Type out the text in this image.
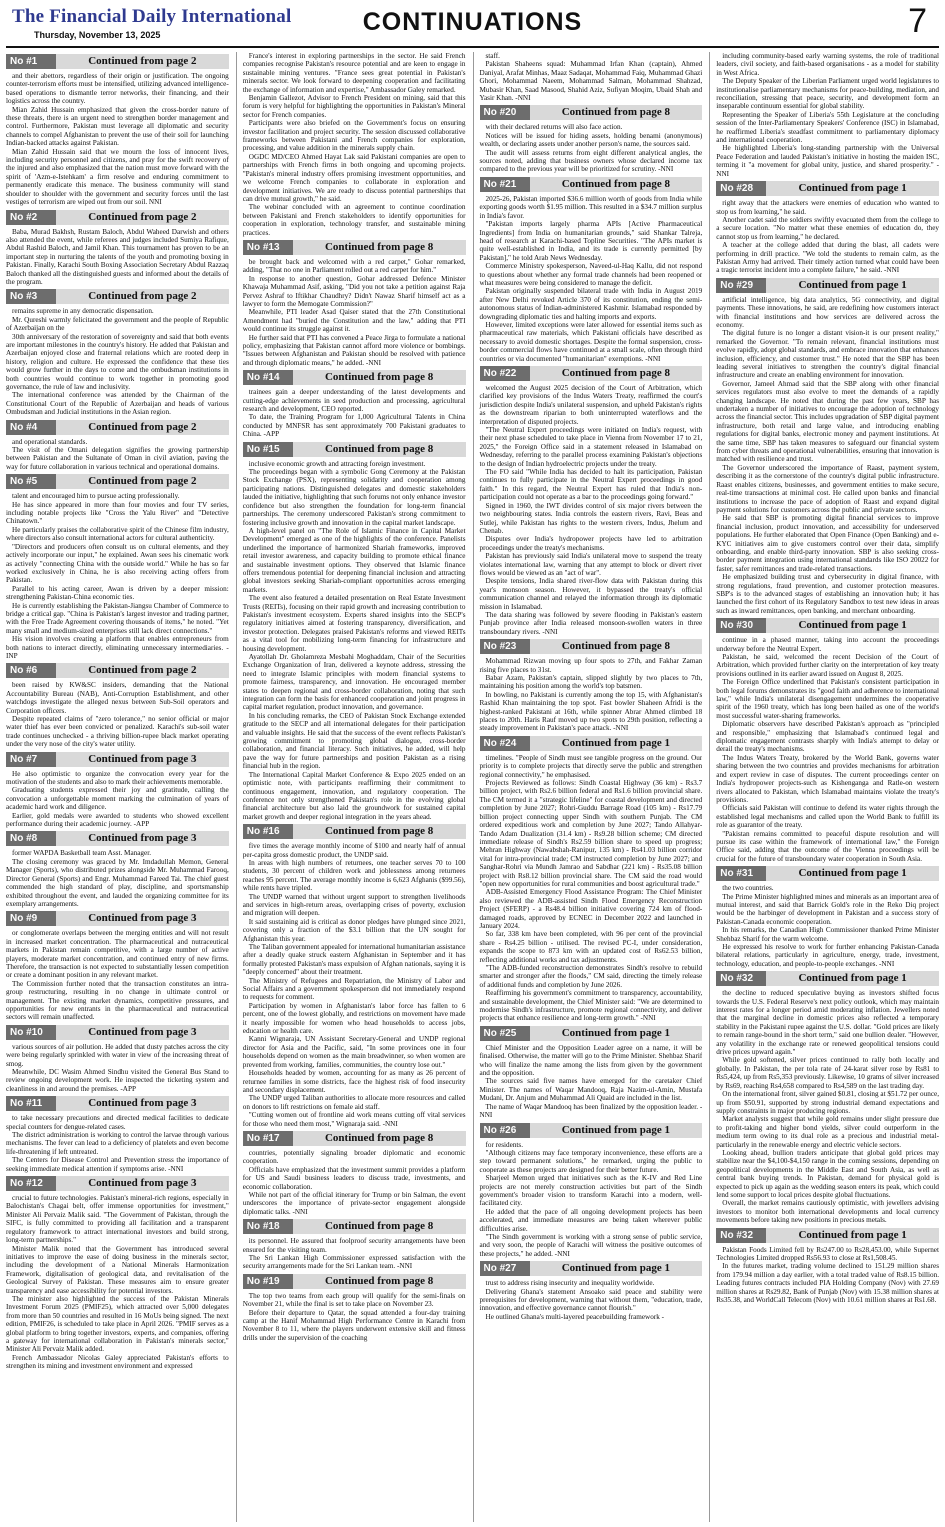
The Financial Daily International
Thursday, November 13, 2025	CONTINUATIONS	7
No #1	Continued from page 2

and their abettors, regardless of their origin or justification. The ongoing counter-terrorism efforts must be intensified, utilizing advanced intelligence-based operations to dismantle terror networks, their financing, and their logistics across the country.

Mian Zahid Hussain emphasized that given the cross-border nature of these threats, there is an urgent need to strengthen border management and control. Furthermore, Pakistan must leverage all diplomatic and security channels to compel Afghanistan to prevent the use of their soil for launching Indian-backed attacks against Pakistan.

Mian Zahid Hussain said that we mourn the loss of innocent lives, including security personnel and citizens, and pray for the swift recovery of the injured and also emphasized that the nation must move forward with the spirit of 'Azm-e-Istehkam' a firm resolve and enduring commitment to permanently eradicate this menace. The business community will stand shoulder to shoulder with the government and security forces until the last vestiges of terrorism are wiped out from our soil. NNI

No #2	Continued from page 2

Baba, Murad Bakhsh, Rustam Baloch, Abdul Waheed Darwish and others also attended the event, while referees and judges included Sumiya Rafique, Abdul Rashid Baloch, and Jamil Khan. This tournament has proven to be an important step in nurturing the talents of the youth and promoting boxing in Pakistan. Finally, Karachi South Boxing Association Secretary Abdul Razzaq Baloch thanked all the distinguished guests and informed about the details of the program.

No #3	Continued from page 2

remains supreme in any democratic dispensation.

Mr. Qureshi warmly felicitated the government and the people of Republic of Azerbaijan on the

30th anniversary of the restoration of sovereignty and said that both events are important milestones in the country's history. He added that Pakistan and Azerbaijan enjoyed close and fraternal relations which are rooted deep in history, religion and culture. He expressed the confidence that these ties would grow further in the days to come and the ombudsman institutions in both countries would continue to work together in promoting good governance, the rule of law and inclusivity.

The international conference was attended by the Chairman of the Constitutional Court of the Republic of Azerbaijan and heads of various Ombudsman and Judicial institutions in the Asian region.

No #4	Continued from page 2

and operational standards.

The visit of the Omani delegation signifies the growing partnership between Pakistan and the Sultanate of Oman in civil aviation, paving the way for future collaboration in various technical and operational domains.

No #5	Continued from page 2

talent and encouraged him to pursue acting professionally.

He has since appeared in more than four movies and four TV series, including notable projects like "Cross the Yalu River" and "Detective Chinatown."

He particularly praises the collaborative spirit of the Chinese film industry, where directors also consult international actors for cultural authenticity.

"Directors and producers often consult us on cultural elements, and they actively incorporate our input," he explained. Awan sees his cinematic work as actively "connecting China with the outside world." While he has so far worked exclusively in China, he is also receiving acting offers from Pakistan.

Parallel to his acting career, Awan is driven by a deeper mission: strengthening Pakistan-China economic ties.

He is currently establishing the Pakistan-Jiangsu Chamber of Commerce to bridge a critical gap. "China is Pakistan's largest investor and trading partner, with the Free Trade Agreement covering thousands of items," he noted. "Yet many small and medium-sized enterprises still lack direct connections."

His vision involves creating a platform that enables entrepreneurs from both nations to interact directly, eliminating unnecessary intermediaries. -INP

No #6	Continued from page 2

been raised by KW&SC insiders, demanding that the National Accountability Bureau (NAB), Anti-Corruption Establishment, and other watchdogs investigate the alleged nexus between Sub-Soil operators and Corporation officers.

Despite repeated claims of "zero tolerance," no senior official or major water thief has ever been convicted or penalized. Karachi's sub-soil water trade continues unchecked - a thriving billion-rupee black market operating under the very nose of the city's water utility.

No #7	Continued from page 3

He also optimistic to organize the convocation every year for the motivation of the students and also to mark their achievements memorable.

Graduating students expressed their joy and gratitude, calling the convocation a unforgettable moment marking the culmination of years of academic hard work and diligence.

Earlier, gold medals were awarded to students who showed excellent performance during their academic journey. -APP

No #8	Continued from page 3

former WAPDA Basketball team Asst. Manager.

The closing ceremony was graced by Mr. Imdadullah Memon, General Manager (Sports), who distributed prizes alongside Mr. Muhammad Farooq, Director General (Sports) and Engr. Muhammad Fareed Tai. The chief guest commended the high standard of play, discipline, and sportsmanship exhibited throughout the event, and lauded the organizing committee for its exemplary arrangements.

No #9	Continued from page 3

or conglomerate overlaps between the merging entities and will not result in increased market concentration. The pharmaceutical and nutraceutical markets in Pakistan remain competitive, with a large number of active players, moderate market concentration, and continued entry of new firms. Therefore, the transaction is not expected to substantially lessen competition or create a dominant position in any relevant market.

The Commission further noted that the transaction constitutes an intra-group restructuring, resulting in no change in ultimate control or management. The existing market dynamics, competitive pressures, and opportunities for new entrants in the pharmaceutical and nutraceutical sectors will remain unaffected.

No #10	Continued from page 3

various sources of air pollution. He added that dusty patches across the city were being regularly sprinkled with water in view of the increasing threat of smog.

Meanwhile, DC Wasim Ahmed Sindhu visited the General Bus Stand to review ongoing development work. He inspected the ticketing system and cleanliness in and around the premises. -APP

No #11	Continued from page 3

to take necessary precautions and directed medical facilities to dedicate special counters for dengue-related cases.

The district administration is working to control the larvae through various mechanisms. The fever can lead to a deficiency of platelets and even become life-threatening if left untreated.

The Centers for Disease Control and Prevention stress the importance of seeking immediate medical attention if symptoms arise. -NNI

No #12	Continued from page 3

crucial to future technologies. Pakistan's mineral-rich regions, especially in Balochistan's Chagai belt, offer immense opportunities for investment," Minister Ali Pervaiz Malik said. "The Government of Pakistan, through the SIFC, is fully committed to providing all facilitation and a transparent regulatory framework to attract international investors and build strong, long-term partnerships."

Minister Malik noted that the Government has introduced several initiatives to improve the ease of doing business in the minerals sector, including the development of a National Minerals Harmonization Framework, digitalisation of geological data, and revitalisation of the Geological Survey of Pakistan. These measures aim to ensure greater transparency and ease accessibility for potential investors.

The minister also highlighted the success of the Pakistan Minerals Investment Forum 2025 (PMIF25), which attracted over 5,000 delegates from more than 50 countries and resulted in 16 MoUs being signed. The next edition, PMIF26, is scheduled to take place in April 2026. "PMIF serves as a global platform to bring together investors, experts, and companies, offering a gateway for international collaboration in Pakistan's minerals sector," Minister Ali Pervaiz Malik added.

French Ambassador Nicolas Galey appreciated Pakistan's efforts to strengthen its mining and investment environment and expressed

France's interest in exploring partnerships in the sector. He said French companies recognise Pakistan's resource potential and are keen to engage in sustainable mining ventures. "France sees great potential in Pakistan's minerals sector. We look forward to deepening cooperation and facilitating the exchange of information and expertise," Ambassador Galey remarked.

Benjamin Gallezot, Advisor to French President on mining, said that this forum is very helpful for highlighting the opportunities in Pakistan's Mineral sector for French companies.

Participants were also briefed on the Government's focus on ensuring investor facilitation and project security. The session discussed collaborative frameworks between Pakistani and French companies for exploration, processing, and value addition in the minerals supply chain.

OGDC MD/CEO Ahmed Hayat Lak said Pakistani companies are open to partnerships with French firms in both ongoing and upcoming projects. "Pakistan's mineral industry offers promising investment opportunities, and we welcome French companies to collaborate in exploration and development initiatives. We are ready to discuss potential partnerships that can drive mutual growth," he said.

The webinar concluded with an agreement to continue coordination between Pakistani and French stakeholders to identify opportunities for cooperation in exploration, technology transfer, and sustainable mining practices.

No #13	Continued from page 8

be brought back and welcomed with a red carpet," Gohar remarked, adding, "That no one in Parliament rolled out a red carpet for him."

In response to another question, Gohar addressed Defence Minister Khawaja Muhammad Asif, asking, "Did you not take a petition against Raja Pervez Ashraf to Iftikhar Chaudhry? Didn't Nawaz Sharif himself act as a lawyer to form the Memogate Commission?"

Meanwhile, PTI leader Asad Qaiser stated that the 27th Constitutional Amendment had "buried the Constitution and the law," adding that PTI would continue its struggle against it.

He further said that PTI has convened a Peace Jirga to formulate a national policy, emphasizing that Pakistan cannot afford more violence or bombings. "Issues between Afghanistan and Pakistan should be resolved with patience and through diplomatic means," he added. -NNI

No #14	Continued from page 8

trainees gain a deeper understanding of the latest developments and cutting-edge achievements in seed production and processing, agricultural research and development, CEO reported.

To date, the Training Program for 1,000 Agricultural Talents in China conducted by MNFSR has sent approximately 700 Pakistani graduates to China. -APP

No #15	Continued from page 8

inclusive economic growth and attracting foreign investment.

The proceedings began with a symbolic Gong Ceremony at the Pakistan Stock Exchange (PSX), representing solidarity and cooperation among participating nations. Distinguished delegates and domestic stakeholders lauded the initiative, highlighting that such forums not only enhance investor confidence but also strengthen the foundation for long-term financial partnerships. The ceremony underscored Pakistan's strong commitment to fostering inclusive growth and innovation in the capital market landscape.

A high-level panel on "The Role of Islamic Finance in Capital Market Development" emerged as one of the highlights of the conference. Panelists underlined the importance of harmonized Shariah frameworks, improved retail investor awareness, and capacity building to promote ethical finance and sustainable investment options. They observed that Islamic finance offers tremendous potential for deepening financial inclusion and attracting global investors seeking Shariah-compliant opportunities across emerging markets.

The event also featured a detailed presentation on Real Estate Investment Trusts (REITs), focusing on their rapid growth and increasing contribution to Pakistan's investment ecosystem. Experts shared insights into the SECP's regulatory initiatives aimed at fostering transparency, diversification, and investor protection. Delegates praised Pakistan's reforms and viewed REITs as a vital tool for mobilizing long-term financing for infrastructure and housing development.

Ayatollah Dr. Gholamreza Mesbahi Moghaddam, Chair of the Securities Exchange Organization of Iran, delivered a keynote address, stressing the need to integrate Islamic principles with modern financial systems to promote fairness, transparency, and innovation. He encouraged member states to deepen regional and cross-border collaboration, noting that such integration can form the basis for enhanced cooperation and joint progress in capital market regulation, product innovation, and governance.

In his concluding remarks, the CEO of Pakistan Stock Exchange extended gratitude to the SECP and all international delegates for their participation and valuable insights. He said that the success of the event reflects Pakistan's growing commitment to promoting global dialogue, cross-border collaboration, and financial literacy. Such initiatives, he added, will help pave the way for future partnerships and position Pakistan as a rising financial hub in the region.

The International Capital Market Conference & Expo 2025 ended on an optimistic note, with participants reaffirming their commitment to continuous engagement, innovation, and regulatory cooperation. The conference not only strengthened Pakistan's role in the evolving global financial architecture but also laid the groundwork for sustained capital market growth and deeper regional integration in the years ahead.

No #16	Continued from page 8

five times the average monthly income of $100 and nearly half of annual per-capita gross domestic product, the UNDP said.

In areas with high numbers of returnees, one teacher serves 70 to 100 students, 30 percent of children work and joblessness among returnees reaches 95 percent. The average monthly income is 6,623 Afghanis ($99.56), while rents have tripled.

The UNDP warned that without urgent support to strengthen livelihoods and services in high-return areas, overlapping crises of poverty, exclusion and migration will deepen.

It said sustaining aid is critical as donor pledges have plunged since 2021, covering only a fraction of the $3.1 billion that the UN sought for Afghanistan this year.

The Taliban government appealed for international humanitarian assistance after a deadly quake struck eastern Afghanistan in September and it has formally protested Pakistan's mass expulsion of Afghan nationals, saying it is "deeply concerned" about their treatment.

The Ministry of Refugees and Repatriation, the Ministry of Labor and Social Affairs and a government spokesperson did not immediately respond to requests for comment.

Participation by women in Afghanistan's labor force has fallen to 6 percent, one of the lowest globally, and restrictions on movement have made it nearly impossible for women who head households to access jobs, education or health care.

Kanni Wignaraja, UN Assistant Secretary-General and UNDP regional director for Asia and the Pacific, said, "In some provinces one in four households depend on women as the main breadwinner, so when women are prevented from working, families, communities, the country lose out."

Households headed by women, accounting for as many as 26 percent of returnee families in some districts, face the highest risk of food insecurity and secondary displacement.

The UNDP urged Taliban authorities to allocate more resources and called on donors to lift restrictions on female aid staff.

"Cutting women out of frontline aid work means cutting off vital services for those who need them most," Wignaraja said. -NNI

No #17	Continued from page 8

countries, potentially signaling broader diplomatic and economic cooperation.

Officials have emphasized that the investment summit provides a platform for US and Saudi business leaders to discuss trade, investments, and economic collaboration.

While not part of the official itinerary for Trump or bin Salman, the event underscores the importance of private-sector engagement alongside diplomatic talks. -NNI

No #18	Continued from page 8

its personnel. He assured that foolproof security arrangements have been ensured for the visiting team.

The Sri Lankan High Commissioner expressed satisfaction with the security arrangements made for the Sri Lankan team. -NNI

No #19	Continued from page 8

The top two teams from each group will qualify for the semi-finals on November 21, while the final is set to take place on November 23.

Before their departure to Qatar, the squad attended a four-day training camp at the Hanif Mohammad High Performance Centre in Karachi from November 8 to 11, where the players underwent extensive skill and fitness drills under the supervision of the coaching

staff.

Pakistan Shaheens squad: Muhammad Irfan Khan (captain), Ahmed Daniyal, Arafat Minhas, Maaz Sadaqat, Mohammad Faiq, Muhammad Ghazi Ghori, Mohammad Naeem, Mohammad Salman, Mohammad Shahzad, Mubasir Khan, Saad Masood, Shahid Aziz, Sufiyan Moqim, Ubaid Shah and Yasir Khan. -NNI

No #20	Continued from page 8

with their declared returns will also face action.

Notices will be issued for hiding assets, holding benami (anonymous) wealth, or declaring assets under another person's name, the sources said.

The audit will assess returns from eight different analytical angles, the sources noted, adding that business owners whose declared income tax compared to the previous year will be prioritized for scrutiny. -NNI

No #21	Continued from page 8

2025-26, Pakistan imported $36.6 million worth of goods from India while exporting goods worth $1.95 million. This resulted in a $34.7 million surplus in India's favor.

"Pakistan imports largely pharma APIs [Active Pharmaceutical Ingredients] from India on humanitarian grounds," said Shankar Talreja, head of research at Karachi-based Topline Securities. "The APIs market is quite well-established in India, and its trade is currently permitted [by Pakistan]," he told Arab News Wednesday.

Commerce Ministry spokesperson, Naveed-ul-Haq Kallu, did not respond to questions about whether any formal trade channels had been reopened or what measures were being considered to manage the deficit.

Pakistan originally suspended bilateral trade with India in August 2019 after New Delhi revoked Article 370 of its constitution, ending the semi-autonomous status of Indian-administered Kashmir. Islamabad responded by downgrading diplomatic ties and halting imports and exports.

However, limited exceptions were later allowed for essential items such as pharmaceutical raw materials, which Pakistani officials have described as necessary to avoid domestic shortages. Despite the formal suspension, cross-border commercial flows have continued at a small scale, often through third countries or via documented "humanitarian" exemptions. -NNI

No #22	Continued from page 8

welcomed the August 2025 decision of the Court of Arbitration, which clarified key provisions of the Indus Waters Treaty, reaffirmed the court's jurisdiction despite India's unilateral suspension, and upheld Pakistan's rights as the downstream riparian to both uninterrupted waterflows and the interpretation of disputed projects.

"The Neutral Expert proceedings were initiated on India's request, with their next phase scheduled to take place in Vienna from November 17 to 21, 2025," the Foreign Office said in a statement released in Islamabad on Wednesday, referring to the parallel process examining Pakistan's objections to the design of Indian hydroelectric projects under the treaty.

The FO said "While India has decided to halt its participation, Pakistan continues to fully participate in the Neutral Expert proceedings in good faith." In this regard, the Neutral Expert has ruled that India's non-participation could not operate as a bar to the proceedings going forward."

Signed in 1960, the IWT divides control of six major rivers between the two neighbouring states. India controls the eastern rivers, Ravi, Beas and Sutlej, while Pakistan has rights to the western rivers, Indus, Jhelum and Chenab.

Disputes over India's hydropower projects have led to arbitration proceedings under the treaty's mechanisms.

Pakistan has previously said India's unilateral move to suspend the treaty violates international law, warning that any attempt to block or divert river flows would be viewed as an "act of war".

Despite tensions, India shared river-flow data with Pakistan during this year's monsoon season. However, it bypassed the treaty's official communication channel and relayed the information through its diplomatic mission in Islamabad.

The data sharing was followed by severe flooding in Pakistan's eastern Punjab province after India released monsoon-swollen waters in three transboundary rivers. -NNI

No #23	Continued from page 8

Mohammad Rizwan moving up four spots to 27th, and Fakhar Zaman rising five places to 31st.

Babar Azam, Pakistan's captain, slipped slightly by two places to 7th, maintaining his position among the world's top batsmen.

In bowling, no Pakistani is currently among the top 15, with Afghanistan's Rashid Khan maintaining the top spot. Fast bowler Shaheen Afridi is the highest-ranked Pakistani at 16th, while spinner Abrar Ahmed climbed 18 places to 20th. Haris Rauf moved up two spots to 29th position, reflecting a steady improvement in Pakistan's pace attack. -NNI

No #24	Continued from page 1

timelines. "People of Sindh must see tangible progress on the ground. Our priority is to complete projects that directly serve the public and strengthen regional connectivity," he emphasised.

Projects Reviewed as follows: Sindh Coastal Highway (36 km) - Rs3.7 billion project, with Rs2.6 billion federal and Rs1.6 billion provincial share. The CM termed it a "strategic lifeline" for coastal development and directed completion by June 2027; Rohri-Guddu Barrage Road (105 km) - Rs17.79 billion project connecting upper Sindh with southern Punjab. The CM ordered expeditious work and completion by June 2027; Tando Allahyar-Tando Adam Dualization (31.4 km) - Rs9.28 billion scheme; CM directed immediate release of Sindh's Rs2.59 billion share to speed up progress; Mehran Highway (Nawabshah-Ranipur, 135 km) - Rs41.03 billion corridor vital for intra-provincial trade; CM instructed completion by June 2027; and Sanghar-Rohri via Mundh Jamrao and Sabdhar (221 km) - Rs35.08 billion project with Rs8.12 billion provincial share. The CM said the road would "open new opportunities for rural communities and boost agricultural trade."

ADB-Assisted Emergency Flood Assistance Program: The Chief Minister also reviewed the ADB-assisted Sindh Flood Emergency Reconstruction Project (SFERP) - a Rs48.4 billion initiative covering 724 km of flood-damaged roads, approved by ECNEC in December 2022 and launched in January 2024.

So far, 338 km have been completed, with 96 per cent of the provincial share - Rs4.25 billion - utilised. The revised PC-I, under consideration, expands the scope to 873 km with an updated cost of Rs62.53 billion, reflecting additional works and tax adjustments.

"The ADB-funded reconstruction demonstrates Sindh's resolve to rebuild smarter and stronger after the floods," CM said, directing the timely release of additional funds and completion by June 2026.

Reaffirming his government's commitment to transparency, accountability, and sustainable development, the Chief Minister said: "We are determined to modernise Sindh's infrastructure, promote regional connectivity, and deliver projects that enhance resilience and long-term growth." -NNI

No #25	Continued from page 1

Chief Minister and the Opposition Leader agree on a name, it will be finalised. Otherwise, the matter will go to the Prime Minister. Shehbaz Sharif who will finalize the name among the lists from given by the government and the opposition.

The sources said five names have emerged for the caretaker Chief Minister. The names of Waqar Mandooq, Raja Nazim-ul-Amin, Mustafa Mudani, Dr. Anjum and Muhammad Ali Quaid are included in the list.

The name of Waqar Mandooq has been finalized by the opposition leader. -NNI

No #26	Continued from page 1

for residents.

"Although citizens may face temporary inconvenience, these efforts are a step toward permanent solutions," he remarked, urging the public to cooperate as these projects are designed for their better future.

Sharjeel Memon urged that initiatives such as the K-IV and Red Line projects are not merely construction activities but part of the Sindh government's broader vision to transform Karachi into a modern, well-facilitated city.

He added that the pace of all ongoing development projects has been accelerated, and immediate measures are being taken wherever public difficulties arise.

"The Sindh government is working with a strong sense of public service, and very soon, the people of Karachi will witness the positive outcomes of these projects," he added. -NNI

No #27	Continued from page 1

trust to address rising insecurity and inequality worldwide.

Delivering Ghana's statement Ansoako said peace and stability were prerequisites for development, warning that without them, "education, trade, innovation, and effective governance cannot flourish."

He outlined Ghana's multi-layered peacebuilding framework -

including community-based early warning systems, the role of traditional leaders, civil society, and faith-based organisations - as a model for stability in West Africa.

The Deputy Speaker of the Liberian Parliament urged world legislatures to institutionalise parliamentary mechanisms for peace-building, mediation, and reconciliation, stressing that peace, security, and development form an inseparable continuum essential for global stability.

Representing the Speaker of Liberia's 55th Legislature at the concluding session of the Inter-Parliamentary Speakers' Conference (ISC) in Islamabad, he reaffirmed Liberia's steadfast commitment to parliamentary diplomacy and international cooperation.

He highlighted Liberia's long-standing partnership with the Universal Peace Federation and lauded Pakistan's initiative in hosting the maiden ISC, terming it "a movement for global unity, justice, and shared prosperity." -NNI

No #28	Continued from page 1

right away that the attackers were enemies of education who wanted to stop us from learning," he said.

Another cadet said the soldiers swiftly evacuated them from the college to a secure location. "No matter what these enemies of education do, they cannot stop us from learning," he declared.

A teacher at the college added that during the blast, all cadets were performing in drill practice. "We told the students to remain calm, as the Pakistan Army had arrived. Their timely action turned what could have been a tragic terrorist incident into a complete failure," he said. -NNI

No #29	Continued from page 1

artificial intelligence, big data analytics, 5G connectivity, and digital payments. These innovations, he said, are redefining how customers interact with financial institutions and how services are delivered across the economy.

The digital future is no longer a distant vision-it is our present reality," remarked the Governor. "To remain relevant, financial institutions must evolve rapidly, adopt global standards, and embrace innovation that enhances inclusion, efficiency, and customer trust." He noted that the SBP has been leading several initiatives to strengthen the country's digital financial infrastructure and create an enabling environment for innovation.

Governor, Jameel Ahmad said that the SBP along with other financial services regulators must also evolve to meet the demands of a rapidly changing landscape. He noted that during the past few years, SBP has undertaken a number of initiatives to encourage the adoption of technology across the financial sector. This includes upgradation of SBP digital payment infrastructure, both retail and large value, and introducing enabling regulations for digital banks, electronic money and payment institutions. At the same time, SBP has taken measures to safeguard our financial system from cyber threats and operational vulnerabilities, ensuring that innovation is matched with resilience and trust.

The Governor underscored the importance of Raast, payment system, describing it as the cornerstone of the country's digital public infrastructure. Raast enables citizens, businesses, and government entities to make secure, real-time transactions at minimal cost. He called upon banks and financial institutions to increase the pace of adoption of Raast and expand digital payment solutions for customers across the public and private sectors.

He said that SBP is promoting digital financial services to improve financial inclusion, product innovation, and accessibility for underserved populations. He further elaborated that Open Finance (Open Banking) and e-KYC initiatives aim to give customers control over their data, simplify onboarding, and enable third-party innovation. SBP is also seeking cross-border payment integration using international standards like ISO 20022 for faster, safer remittances and trade-related transactions.

He emphasized building trust and cybersecurity in digital finance, with strong regulations, fraud prevention, and customer protection measures. SBP's is to the advanced stages of establishing an innovation hub; it has launched the first cohort of its Regulatory Sandbox to test new ideas in areas such as inward remittances, open banking, and merchant onboarding.

No #30	Continued from page 1

continue in a phased manner, taking into account the proceedings underway before the Neutral Expert.

Pakistan, he said, welcomed the recent Decision of the Court of Arbitration, which provided further clarity on the interpretation of key treaty provisions outlined in its earlier award issued on August 8, 2025.

The Foreign Office underlined that Pakistan's consistent participation in both legal forums demonstrates its "good faith and adherence to international law," while India's unilateral disengagement undermines the cooperative spirit of the 1960 treaty, which has long been hailed as one of the world's most successful water-sharing frameworks.

Diplomatic observers have described Pakistan's approach as "principled and responsible," emphasizing that Islamabad's continued legal and diplomatic engagement contrasts sharply with India's attempt to delay or derail the treaty's mechanisms.

The Indus Waters Treaty, brokered by the World Bank, governs water sharing between the two countries and provides mechanisms for arbitration and expert review in case of disputes. The current proceedings center on India's hydropower projects-such as Kishenganga and Ratle-on western rivers allocated to Pakistan, which Islamabad maintains violate the treaty's provisions.

Officials said Pakistan will continue to defend its water rights through the established legal mechanisms and called upon the World Bank to fulfill its role as guarantor of the treaty.

"Pakistan remains committed to peaceful dispute resolution and will pursue its case within the framework of international law," the Foreign Office said, adding that the outcome of the Vienna proceedings will be crucial for the future of transboundary water cooperation in South Asia.

No #31	Continued from page 1

the two countries.

The Prime Minister highlighted mines and minerals as an important area of mutual interest, and said that Barrick Gold's role in the Reko Diq project would be the harbinger of development in Pakistan and a success story of Pakistan-Canada economic cooperation.

In his remarks, the Canadian High Commissioner thanked Prime Minister Shehbaz Sharif for the warm welcome.

He expressed his resolve to work for further enhancing Pakistan-Canada bilateral relations, particularly in agriculture, energy, trade, investment, technology, education, and people-to-people exchanges. -NNI

No #32	Continued from page 1

the decline to reduced speculative buying as investors shifted focus towards the U.S. Federal Reserve's next policy outlook, which may maintain interest rates for a longer period amid moderating inflation. Jewellers noted that the marginal decline in domestic prices also reflected a temporary stability in the Pakistani rupee against the U.S. dollar. "Gold prices are likely to remain range-bound in the short term," said one bullion dealer. "However, any volatility in the exchange rate or renewed geopolitical tensions could drive prices upward again."

While gold softened, silver prices continued to rally both locally and globally. In Pakistan, the per tola rate of 24-karat silver rose by Rs81 to Rs5,424, up from Rs5,353 previously. Likewise, 10 grams of silver increased by Rs69, reaching Rs4,658 compared to Rs4,589 on the last trading day.

On the international front, silver gained $0.81, closing at $51.72 per ounce, up from $50.91, supported by strong industrial demand expectations and supply constraints in major producing regions.

Market analysts suggest that while gold remains under slight pressure due to profit-taking and higher bond yields, silver could outperform in the medium term owing to its dual role as a precious and industrial metal-particularly in the renewable energy and electric vehicle sectors.

Looking ahead, bullion traders anticipate that global gold prices may stabilize near the $4,100-$4,150 range in the coming sessions, depending on geopolitical developments in the Middle East and South Asia, as well as central bank buying trends. In Pakistan, demand for physical gold is expected to pick up again as the wedding season enters its peak, which could lend some support to local prices despite global fluctuations.

Overall, the market remains cautiously optimistic, with jewellers advising investors to monitor both international developments and local currency movements before taking new positions in precious metals.

No #32	Continued from page 1

Pakistan Foods Limited fell by Rs247.00 to Rs28,453.00, while Supernet Technologies Limited dropped Rs56.93 to close at Rs1,508.45.

In the futures market, trading volume declined to 151.29 million shares from 179.94 million a day earlier, with a total traded value of Rs8.15 billion. Leading futures contracts included PIA Holding Company (Nov) with 27.69 million shares at Rs29.82, Bank of Punjab (Nov) with 15.38 million shares at Rs35.38, and WorldCall Telecom (Nov) with 10.61 million shares at Rs1.68.
